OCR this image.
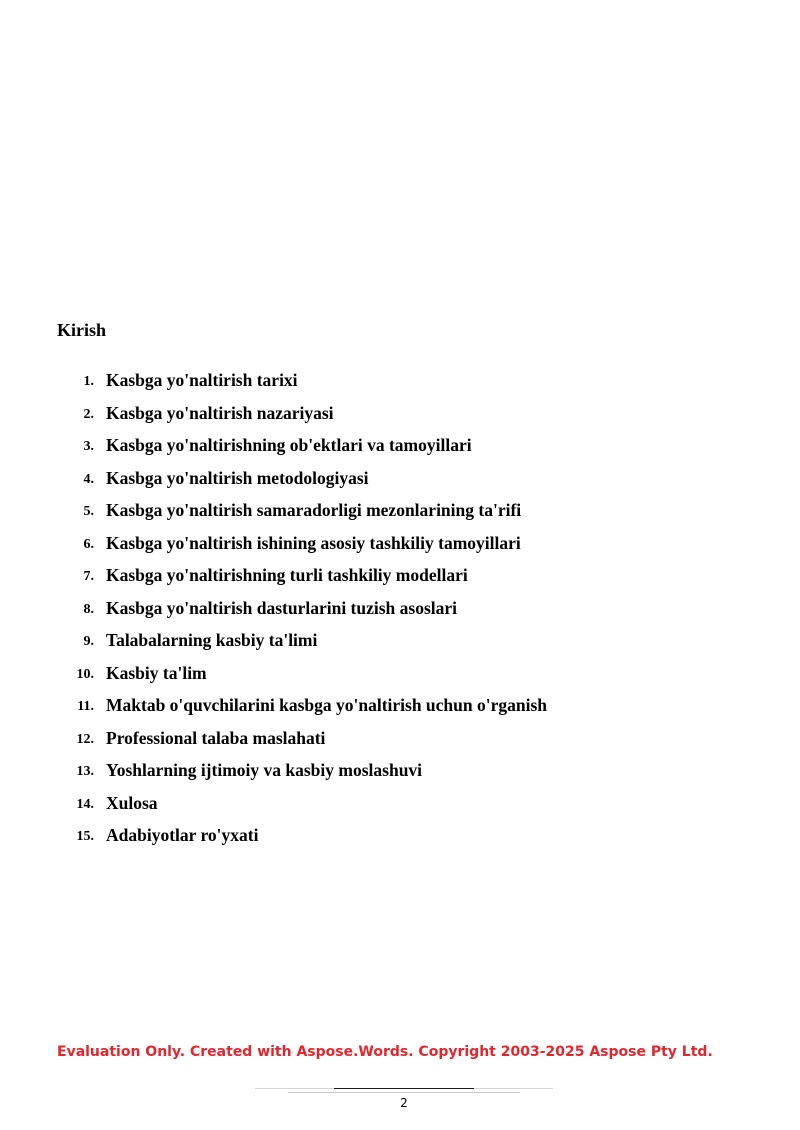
Kirish
1. Kasbga yo'naltirish tarixi
2. Kasbga yo'naltirish nazariyasi
3. Kasbga yo'naltirishning ob'ektlari va tamoyillari
4. Kasbga yo'naltirish metodologiyasi
5. Kasbga yo'naltirish samaradorligi mezonlarining ta'rifi
6. Kasbga yo'naltirish ishining asosiy tashkiliy tamoyillari
7. Kasbga yo'naltirishning turli tashkiliy modellari
8. Kasbga yo'naltirish dasturlarini tuzish asoslari
9. Talabalarning kasbiy ta'limi
10. Kasbiy ta'lim
11. Maktab o'quvchilarini kasbga yo'naltirish uchun o'rganish
12. Professional talaba maslahati
13. Yoshlarning ijtimoiy va kasbiy moslashuvi
14. Xulosa
15. Adabiyotlar ro'yxati

Evaluation Only. Created with Aspose.Words. Copyright 2003-2025 Aspose Pty Ltd.

2
